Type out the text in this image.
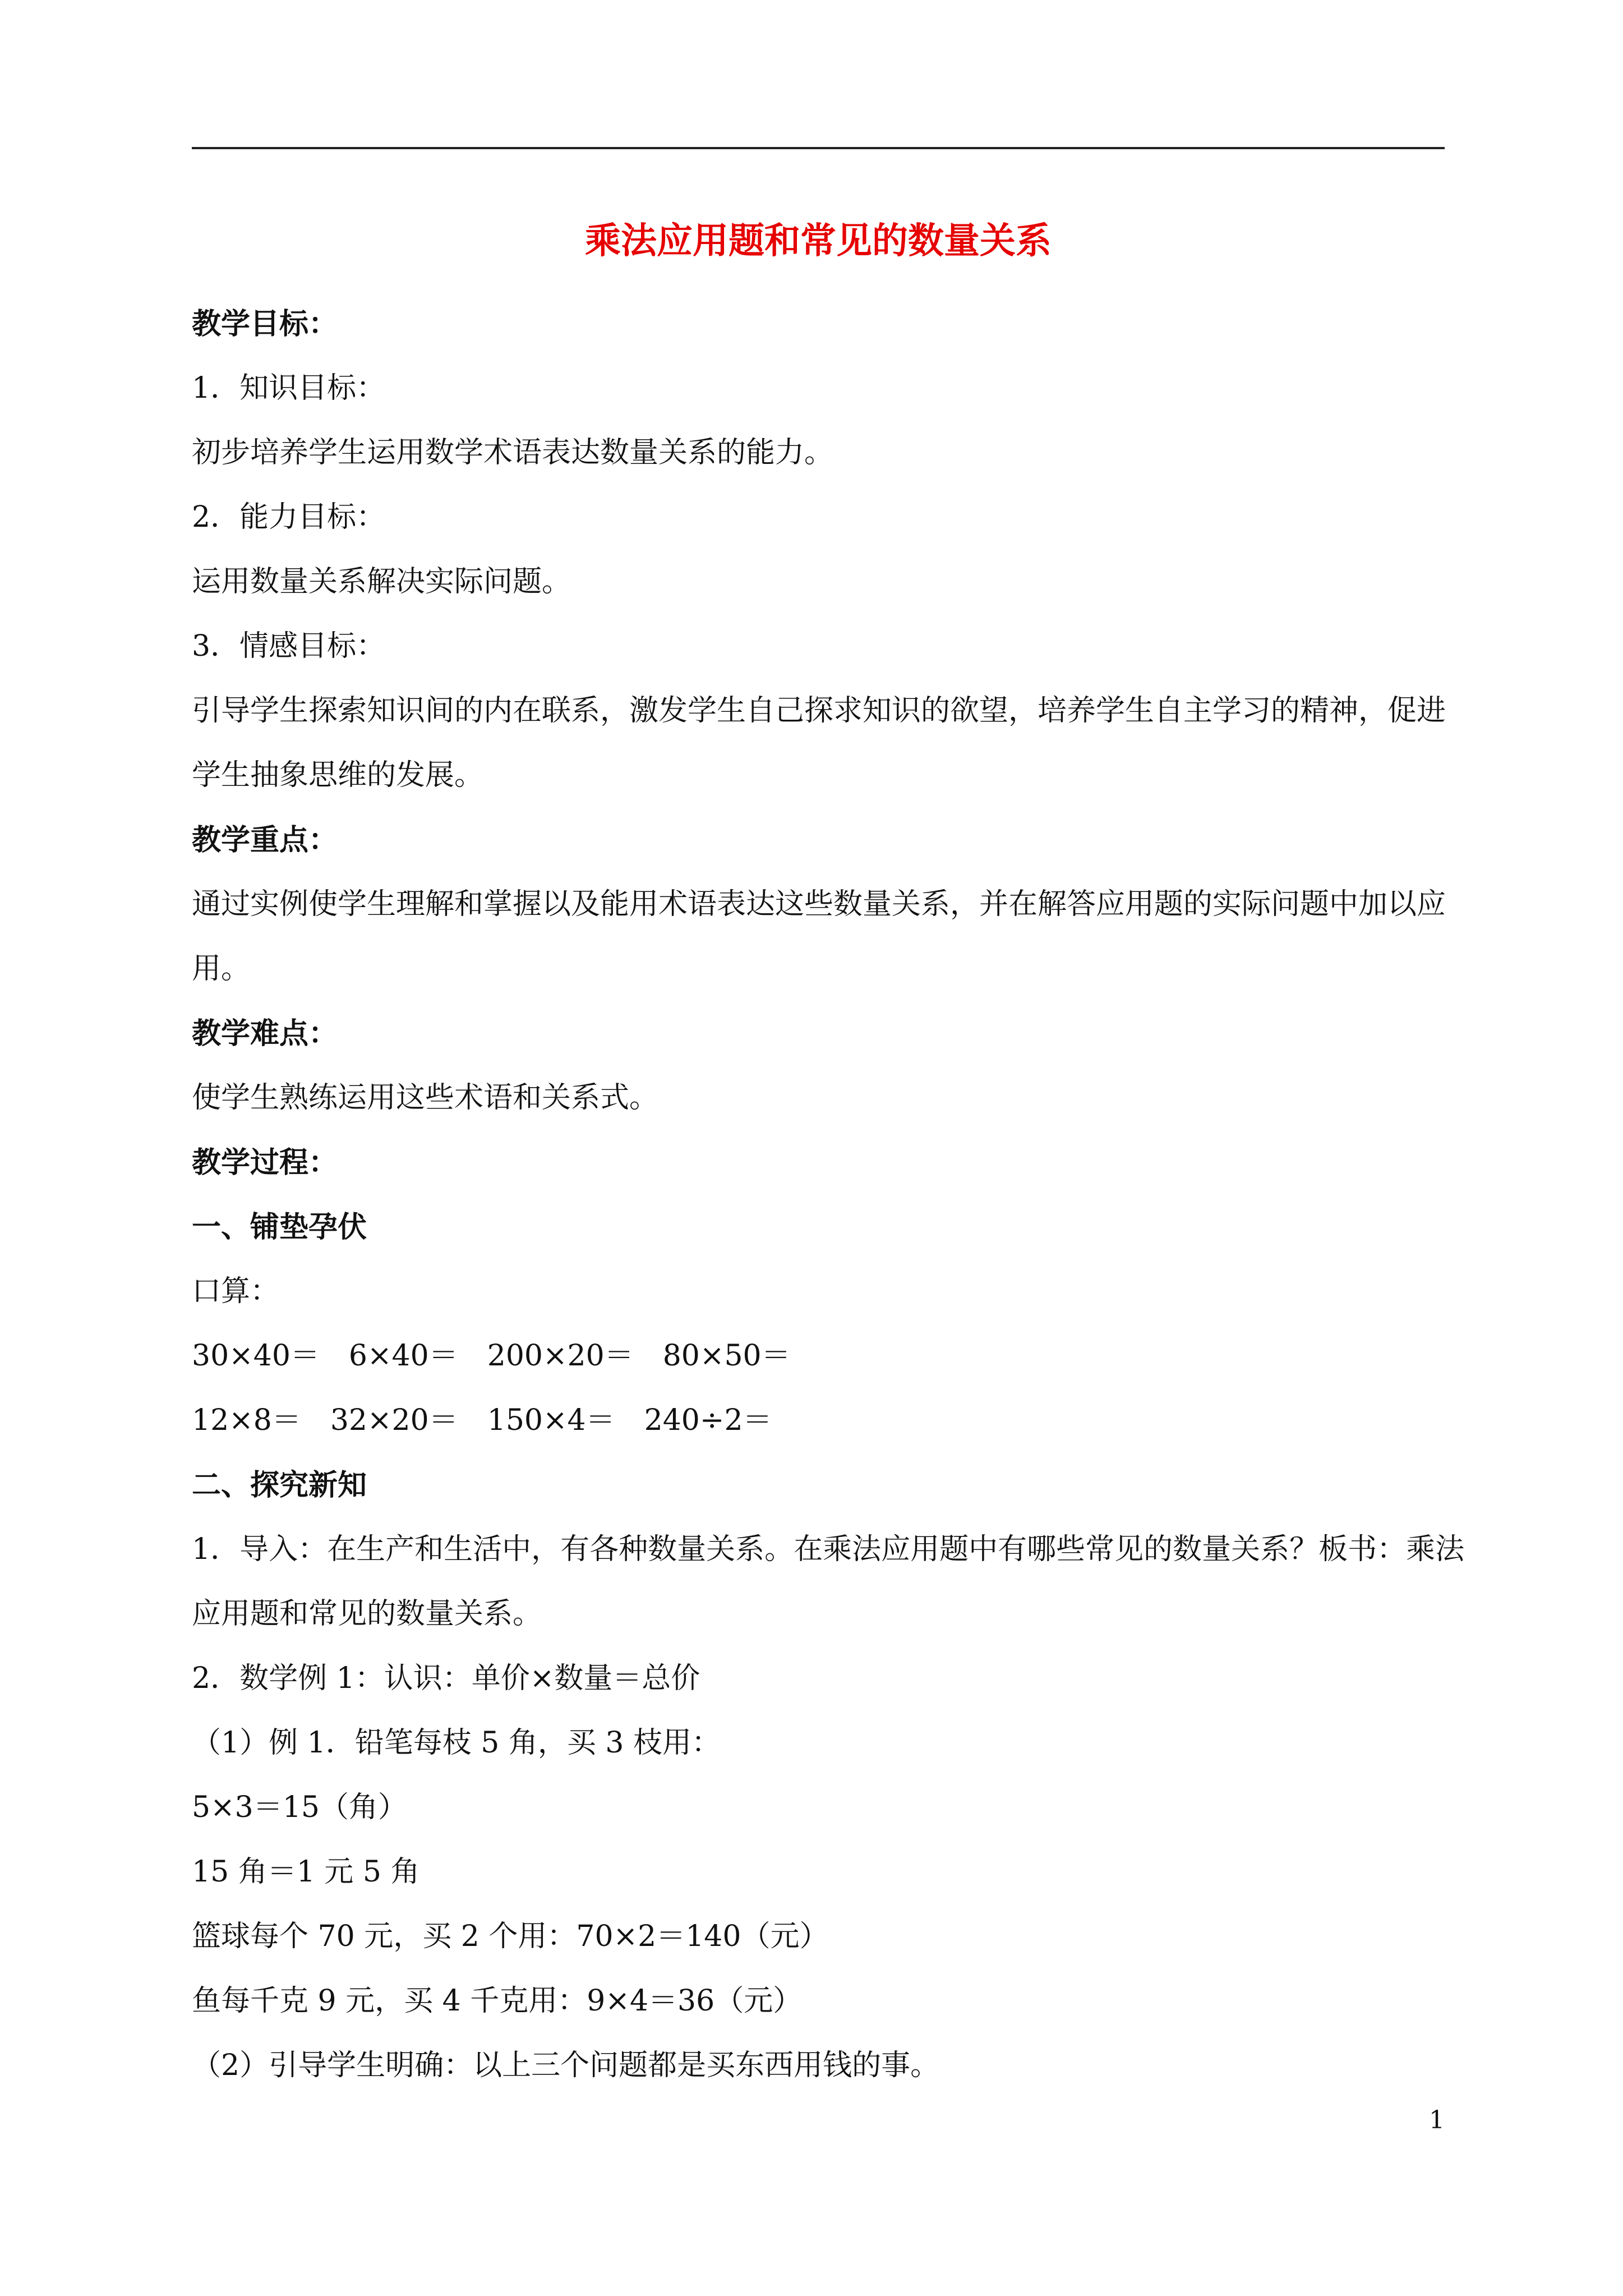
乘法应用题和常见的数量关系
教学目标：
1．知识目标：
初步培养学生运用数学术语表达数量关系的能力。
2．能力目标：
运用数量关系解决实际问题。
3．情感目标：
引导学生探索知识间的内在联系，激发学生自己探求知识的欲望，培养学生自主学习的精神，促进
学生抽象思维的发展。
教学重点：
通过实例使学生理解和掌握以及能用术语表达这些数量关系，并在解答应用题的实际问题中加以应
用。
教学难点：
使学生熟练运用这些术语和关系式。
教学过程：
一、铺垫孕伏
口算：
30×40＝　6×40＝　200×20＝　80×50＝
12×8＝　32×20＝　150×4＝　240÷2＝
二、探究新知
1．导入：在生产和生活中，有各种数量关系。在乘法应用题中有哪些常见的数量关系？板书：乘法
应用题和常见的数量关系。
2．数学例 1：认识：单价×数量＝总价
（1）例 1．铅笔每枝 5 角，买 3 枝用：
5×3＝15（角）
15 角＝1 元 5 角
篮球每个 70 元，买 2 个用：70×2＝140（元）
鱼每千克 9 元，买 4 千克用：9×4＝36（元）
（2）引导学生明确：以上三个问题都是买东西用钱的事。
1
